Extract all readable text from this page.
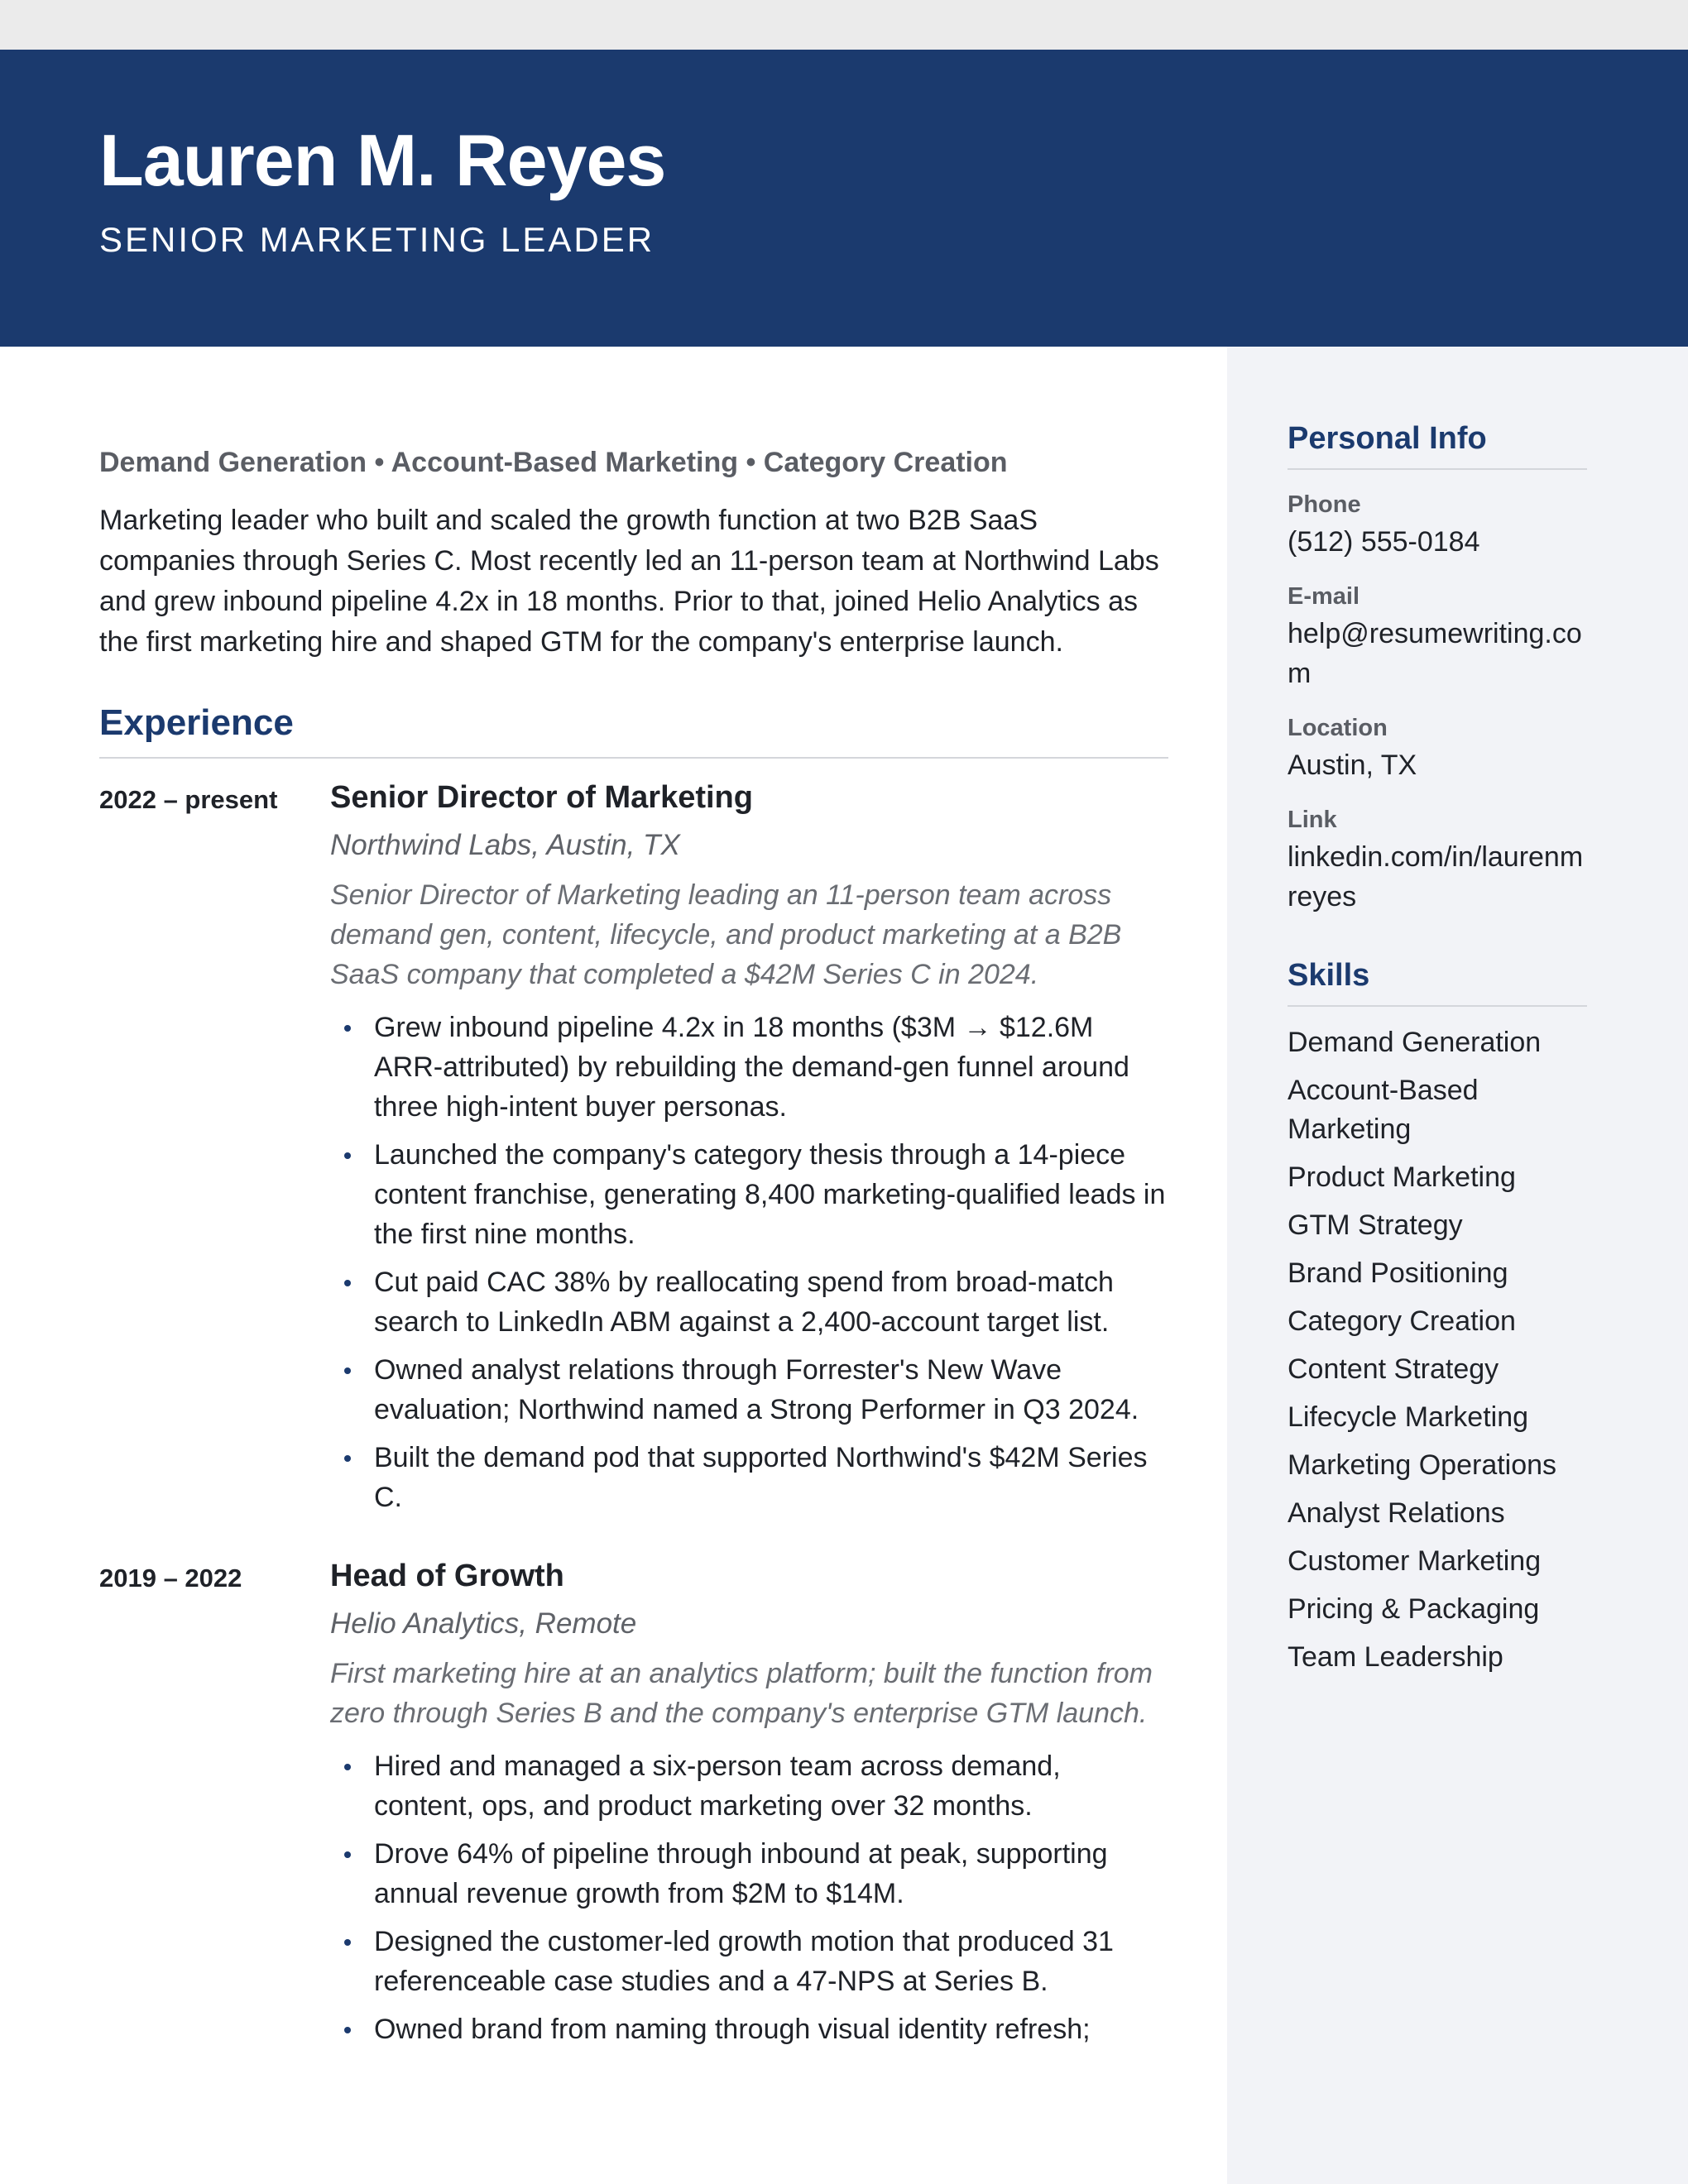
Lauren M. Reyes
SENIOR MARKETING LEADER
Demand Generation • Account-Based Marketing • Category Creation

Marketing leader who built and scaled the growth function at two B2B SaaS companies through Series C. Most recently led an 11-person team at Northwind Labs and grew inbound pipeline 4.2x in 18 months. Prior to that, joined Helio Analytics as the first marketing hire and shaped GTM for the company's enterprise launch.

Experience
2022 – present	Senior Director of Marketing
Northwind Labs, Austin, TX
Senior Director of Marketing leading an 11-person team across demand gen, content, lifecycle, and product marketing at a B2B SaaS company that completed a $42M Series C in 2024.
Grew inbound pipeline 4.2x in 18 months ($3M → $12.6M ARR-attributed) by rebuilding the demand-gen funnel around three high-intent buyer personas.
Launched the company's category thesis through a 14-piece content franchise, generating 8,400 marketing-qualified leads in the first nine months.
Cut paid CAC 38% by reallocating spend from broad-match search to LinkedIn ABM against a 2,400-account target list.
Owned analyst relations through Forrester's New Wave evaluation; Northwind named a Strong Performer in Q3 2024.
Built the demand pod that supported Northwind's $42M Series C.
2019 – 2022	Head of Growth
Helio Analytics, Remote
First marketing hire at an analytics platform; built the function from zero through Series B and the company's enterprise GTM launch.
Hired and managed a six-person team across demand, content, ops, and product marketing over 32 months.
Drove 64% of pipeline through inbound at peak, supporting annual revenue growth from $2M to $14M.
Designed the customer-led growth motion that produced 31 referenceable case studies and a 47-NPS at Series B.
Owned brand from naming through visual identity refresh;
Personal Info
Phone
(512) 555-0184
E-mail
help@resumewriting.com
Location
Austin, TX
Link
linkedin.com/in/laurenmreyes
Skills
Demand Generation
Account-Based Marketing
Product Marketing
GTM Strategy
Brand Positioning
Category Creation
Content Strategy
Lifecycle Marketing
Marketing Operations
Analyst Relations
Customer Marketing
Pricing & Packaging
Team Leadership
